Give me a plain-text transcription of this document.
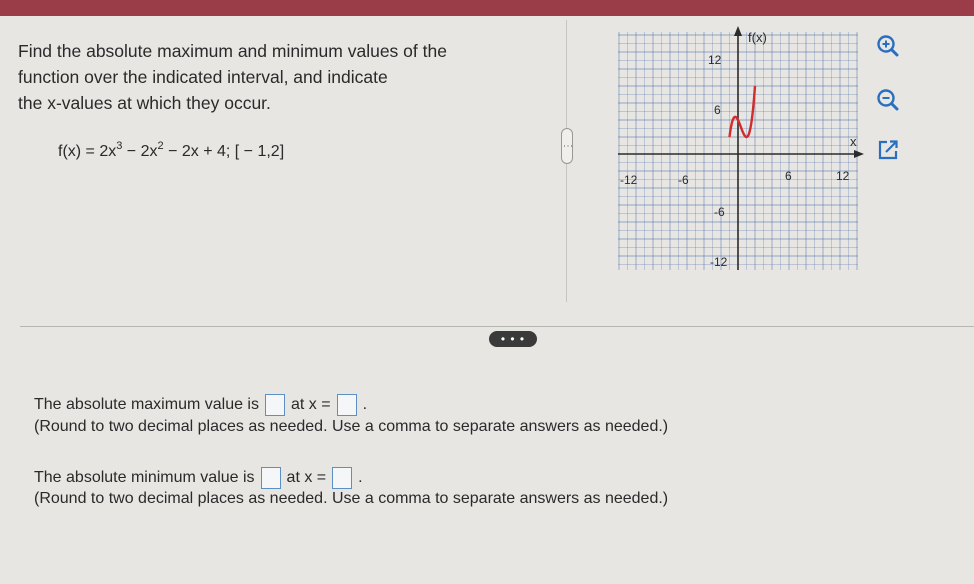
Find the absolute maximum and minimum values of the
function over the indicated interval, and indicate
the x-values at which they occur.
$f(x) = 2x^3 - 2x^2 - 2x + 4$; [ − 1,2]	⋮
f(x)
x
12
6
-6
-12
-12	-6	6	12
• • •
The absolute maximum value is at x = .
(Round to two decimal places as needed. Use a comma to separate answers as needed.)
The absolute minimum value is at x = .
(Round to two decimal places as needed. Use a comma to separate answers as needed.)
